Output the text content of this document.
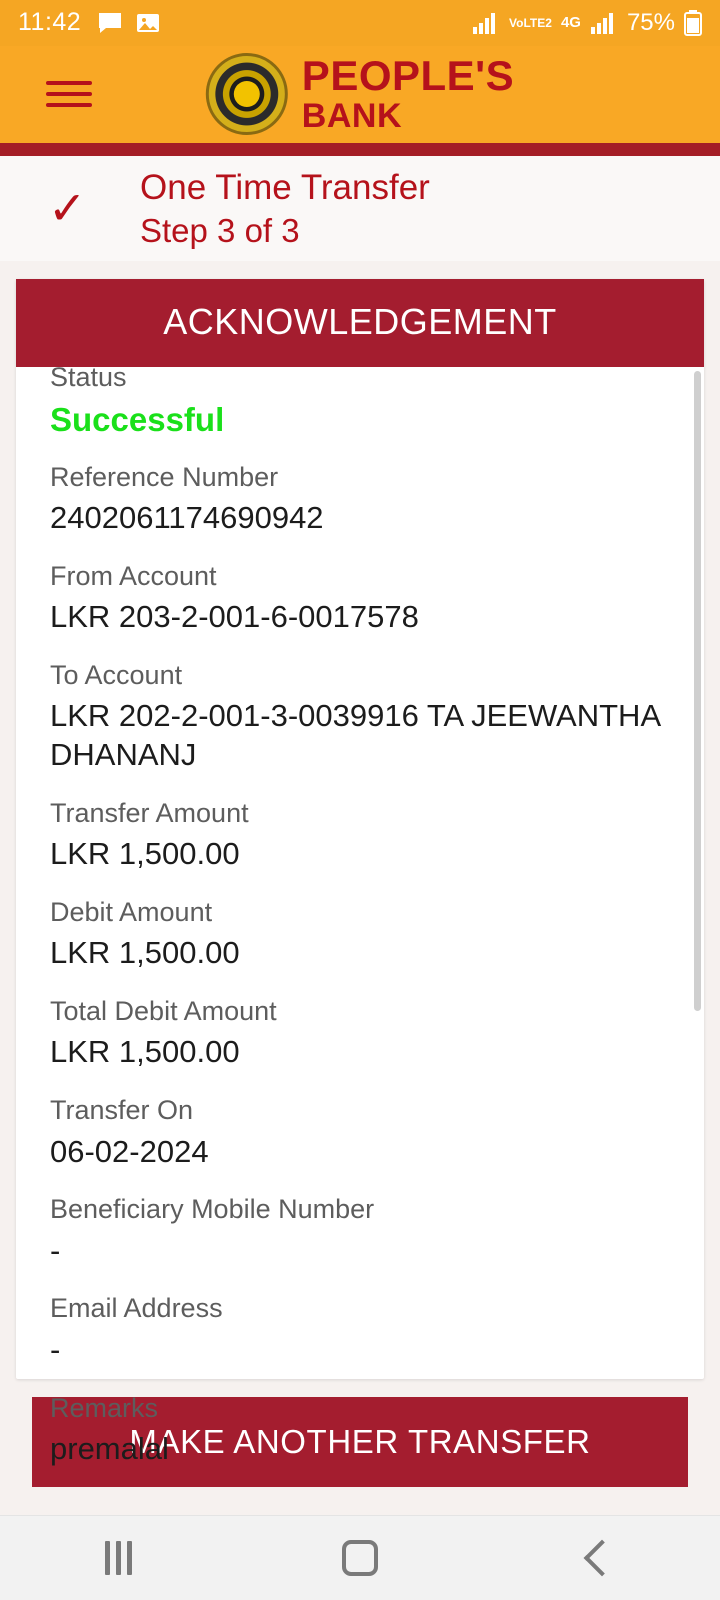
11:42	VoLTE2 4G 75%
PEOPLE'S
BANK
✓	One Time Transfer
Step 3 of 3
ACKNOWLEDGEMENT
Status
Successful
Reference Number
2402061174690942
From Account
LKR 203-2-001-6-0017578
To Account
LKR 202-2-001-3-0039916 TA JEEWANTHA DHANANJ
Transfer Amount
LKR 1,500.00
Debit Amount
LKR 1,500.00
Total Debit Amount
LKR 1,500.00
Transfer On
06-02-2024
Beneficiary Mobile Number
-
Email Address
-
Remarks
premalal
MAKE ANOTHER TRANSFER
